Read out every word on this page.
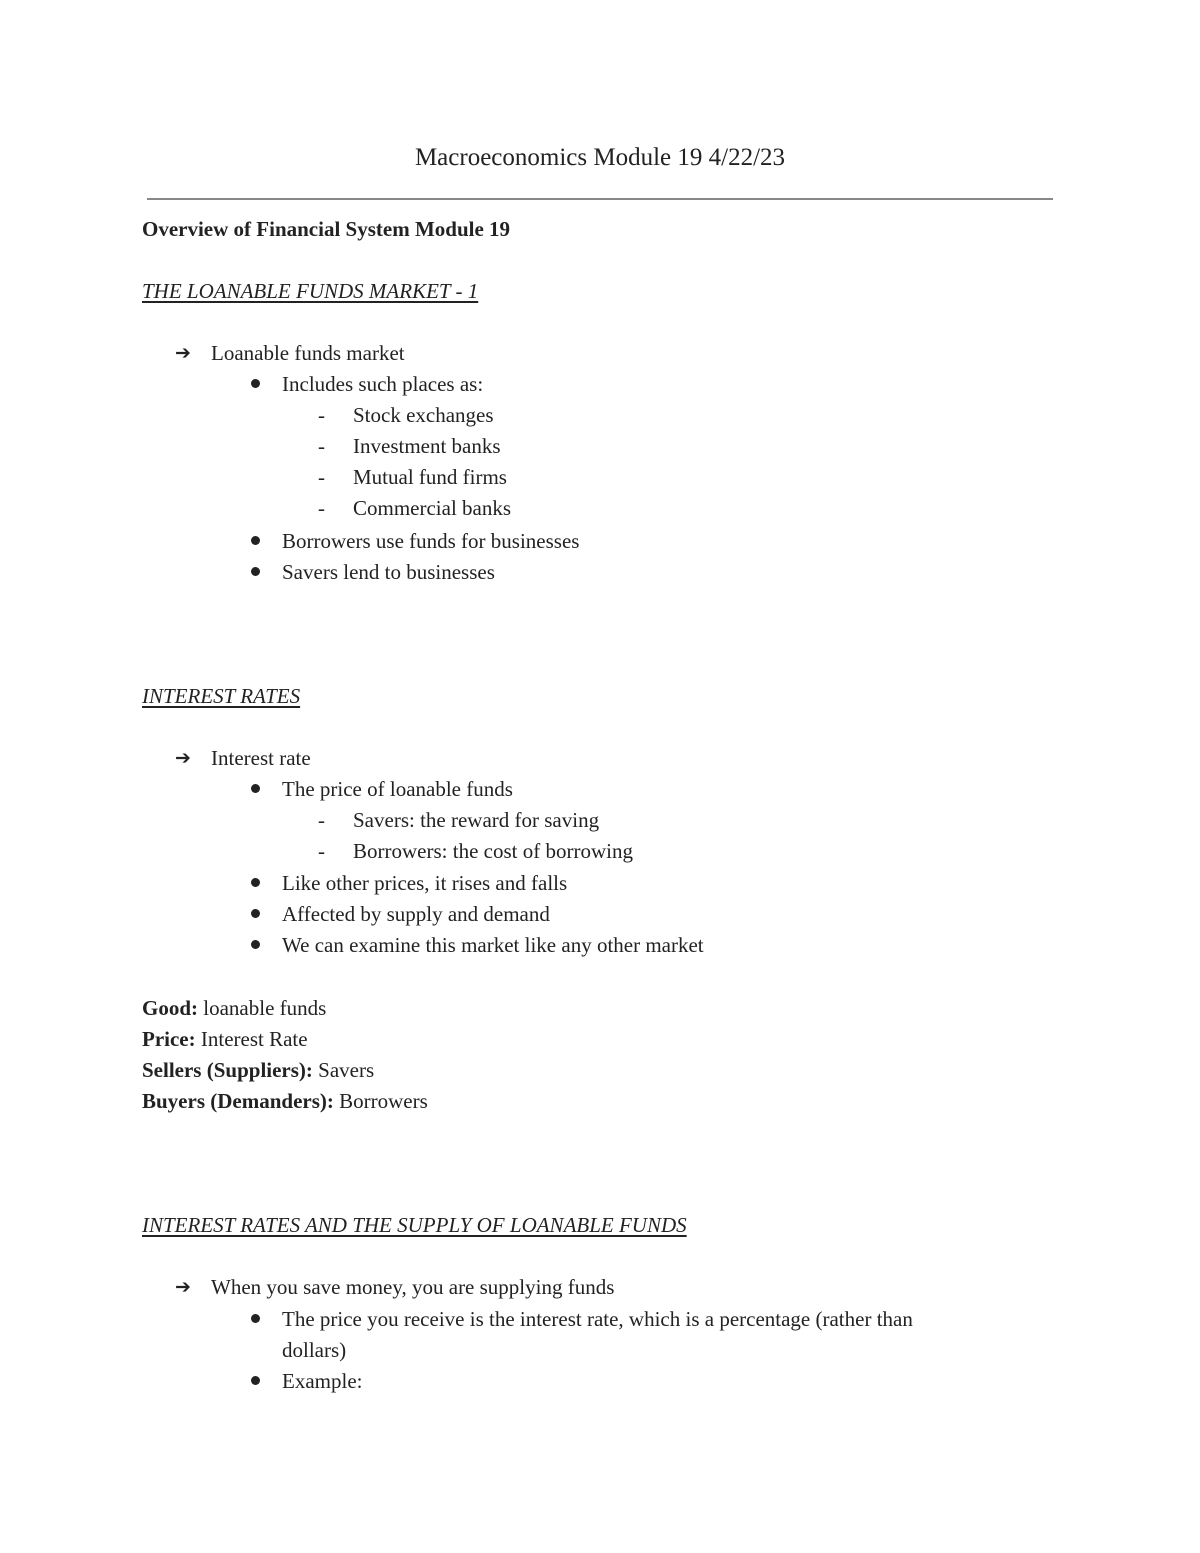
Macroeconomics Module 19 4/22/23
Overview of Financial System Module 19
THE LOANABLE FUNDS MARKET - 1
➔ Loanable funds market
Includes such places as:
- Stock exchanges
- Investment banks
- Mutual fund firms
- Commercial banks
Borrowers use funds for businesses
Savers lend to businesses
INTEREST RATES
➔ Interest rate
The price of loanable funds
- Savers: the reward for saving
- Borrowers: the cost of borrowing
Like other prices, it rises and falls
Affected by supply and demand
We can examine this market like any other market
Good: loanable funds
Price: Interest Rate
Sellers (Suppliers): Savers
Buyers (Demanders): Borrowers
INTEREST RATES AND THE SUPPLY OF LOANABLE FUNDS
➔ When you save money, you are supplying funds
The price you receive is the interest rate, which is a percentage (rather than
dollars)
Example:
